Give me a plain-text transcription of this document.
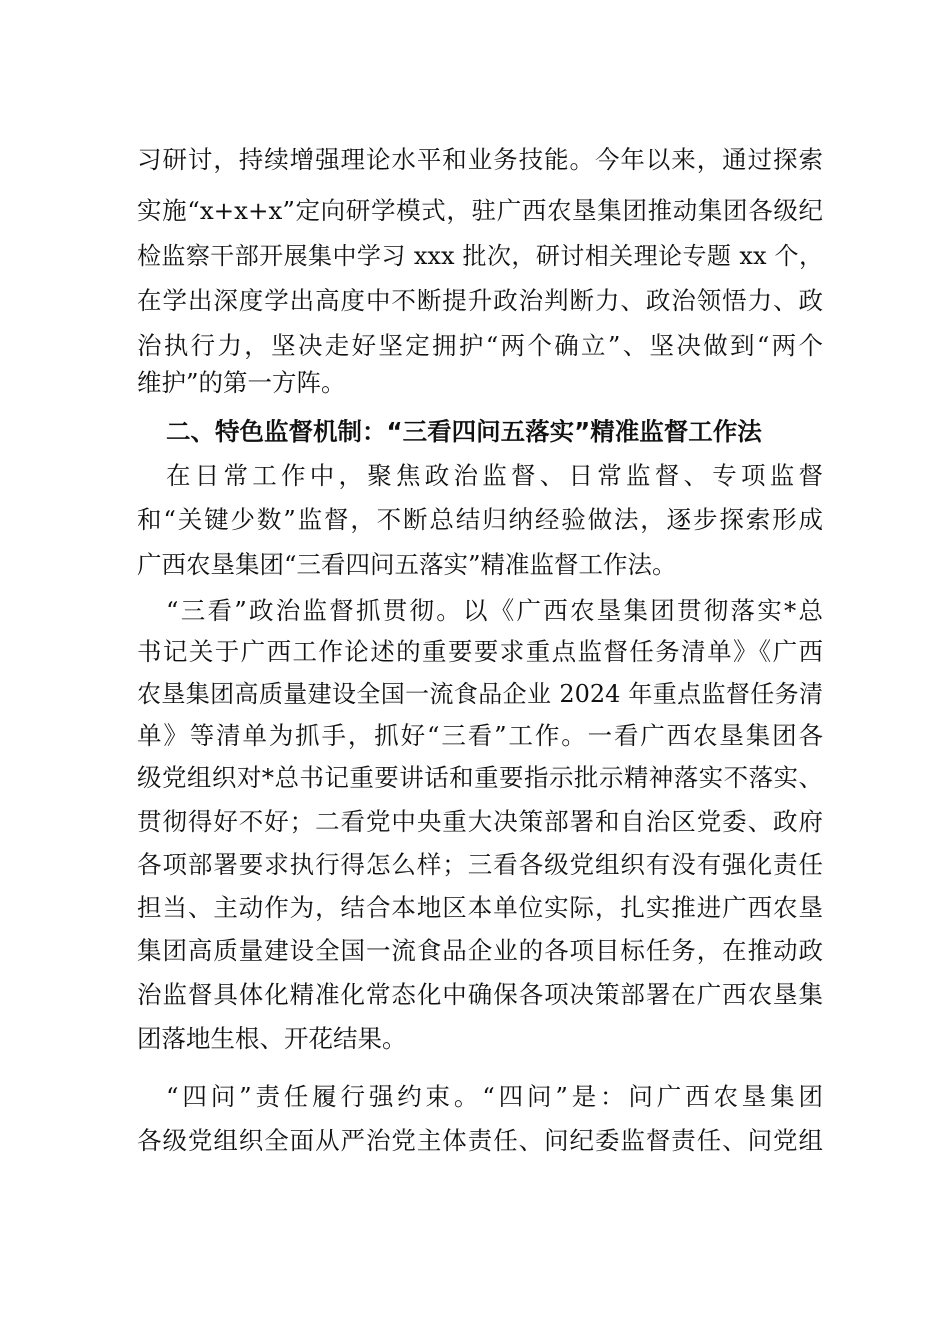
习研讨，持续增强理论水平和业务技能。今年以来，通过探索
实施“x+x+x”定向研学模式，驻广西农垦集团推动集团各级纪
检监察干部开展集中学习 xxx 批次，研讨相关理论专题 xx 个，
在学出深度学出高度中不断提升政治判断力、政治领悟力、政
治执行力，坚决走好坚定拥护“两个确立”、坚决做到“两个
维护”的第一方阵。
二、特色监督机制：“三看四问五落实”精准监督工作法
在日常工作中，聚焦政治监督、日常监督、专项监督
和“关键少数”监督，不断总结归纳经验做法，逐步探索形成
广西农垦集团“三看四问五落实”精准监督工作法。
“三看”政治监督抓贯彻。以《广西农垦集团贯彻落实*总
书记关于广西工作论述的重要要求重点监督任务清单》《广西
农垦集团高质量建设全国一流食品企业 2024 年重点监督任务清
单》等清单为抓手，抓好“三看”工作。一看广西农垦集团各
级党组织对*总书记重要讲话和重要指示批示精神落实不落实、
贯彻得好不好；二看党中央重大决策部署和自治区党委、政府
各项部署要求执行得怎么样；三看各级党组织有没有强化责任
担当、主动作为，结合本地区本单位实际，扎实推进广西农垦
集团高质量建设全国一流食品企业的各项目标任务，在推动政
治监督具体化精准化常态化中确保各项决策部署在广西农垦集
团落地生根、开花结果。
“四问”责任履行强约束。“四问”是：问广西农垦集团
各级党组织全面从严治党主体责任、问纪委监督责任、问党组
